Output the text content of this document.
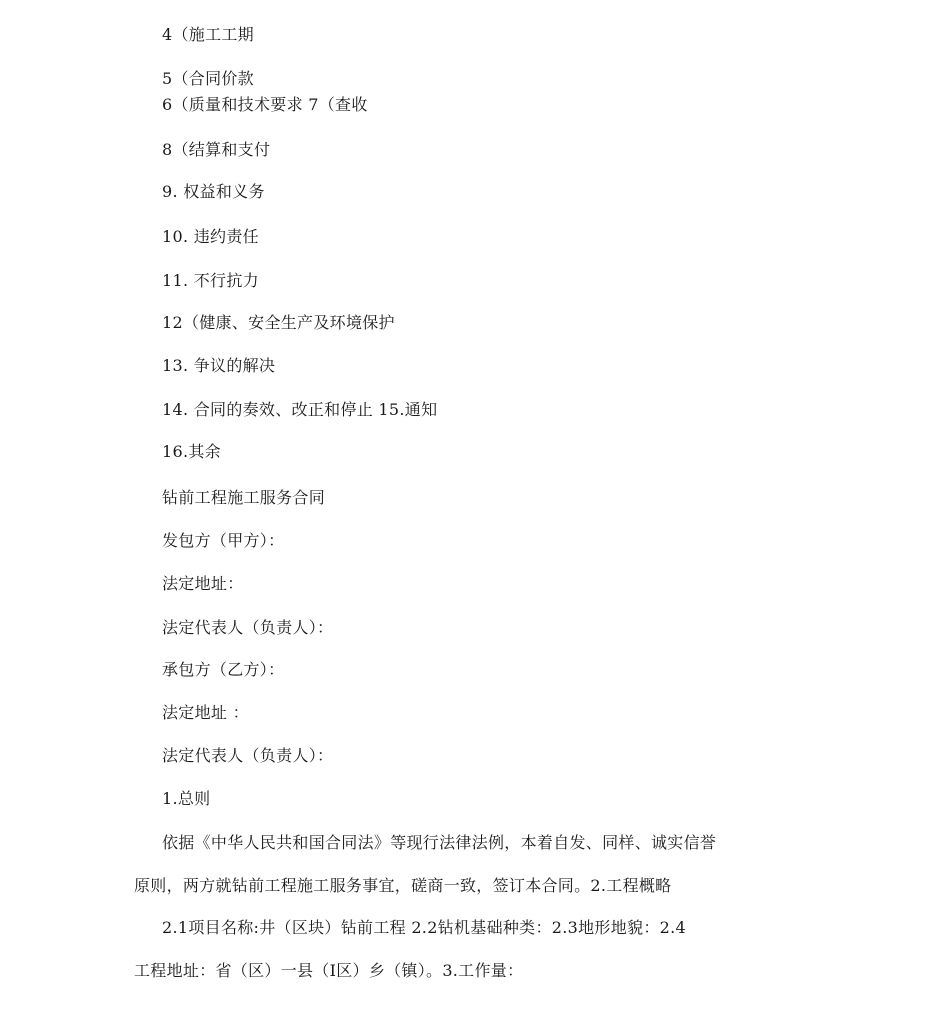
4（施工工期
5（合同价款
6（质量和技术要求 7（查收
8（结算和支付
9. 权益和义务
10. 违约责任
11. 不行抗力
12（健康、安全生产及环境保护
13. 争议的解决
14. 合同的奏效、改正和停止 15.通知
16.其余
钻前工程施工服务合同
发包方（甲方）：
法定地址：
法定代表人（负责人）：
承包方（乙方）：
法定地址 ：
法定代表人（负责人）：
1.总则
依据《中华人民共和国合同法》等现行法律法例，本着自发、同样、诚实信誉
原则，两方就钻前工程施工服务事宜，磋商一致，签订本合同。2.工程概略
2.1项目名称:井（区块）钻前工程 2.2钻机基础种类：2.3地形地貌：2.4
工程地址：省（区）一县（I区）乡（镇）。3.工作量：
